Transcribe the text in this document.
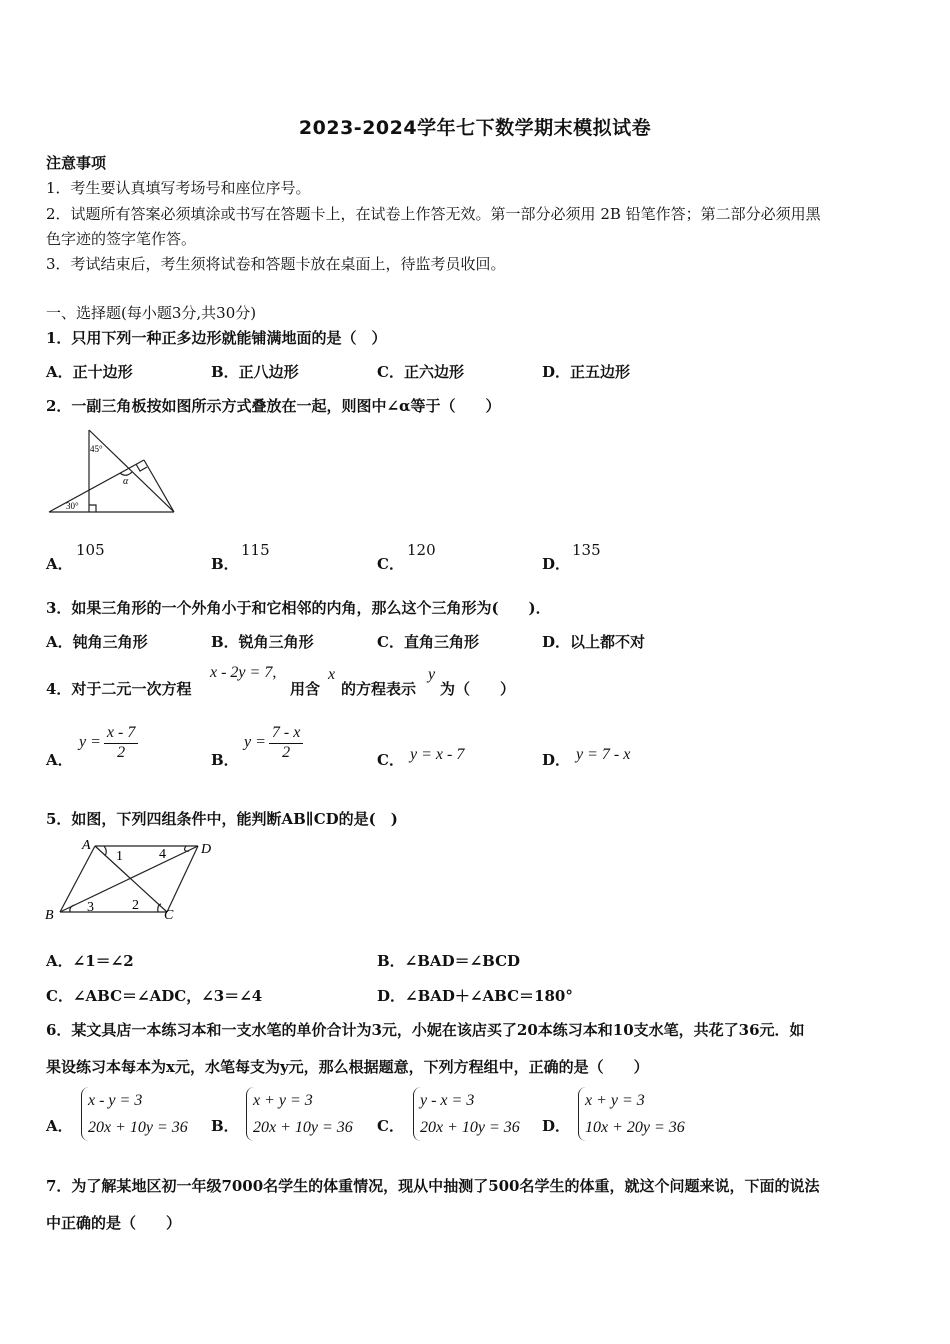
2023-2024学年七下数学期末模拟试卷
注意事项
1．考生要认真填写考场号和座位序号。
2．试题所有答案必须填涂或书写在答题卡上，在试卷上作答无效。第一部分必须用 2B 铅笔作答；第二部分必须用黑
色字迹的签字笔作答。
3．考试结束后，考生须将试卷和答题卡放在桌面上，待监考员收回。
一、选择题(每小题3分,共30分)
1．只用下列一种正多边形就能铺满地面的是（　）
A．正十边形	B．正八边形	C．正六边形	D．正五边形
2．一副三角板按如图所示方式叠放在一起，则图中∠α等于（　　）
45°
30°
α
A．
105
B．
115
C．
120
D．
135
3．如果三角形的一个外角小于和它相邻的内角，那么这个三角形为(　　)．
A．钝角三角形	B．锐角三角形	C．直角三角形	D．以上都不对
4．对于二元一次方程
x - 2y = 7,
用含
x
的方程表示
y
为（　　）
A．
$y = \frac{x - 7}{2}$	B．
$y = \frac{7 - x}{2}$	C． y = x - 7	D． y = 7 - x
5．如图，下列四组条件中，能判断AB∥CD的是(　)
A	D
B	C
1	4
3	2
A．∠1＝∠2	B．∠BAD＝∠BCD
C．∠ABC＝∠ADC，∠3＝∠4	D．∠BAD＋∠ABC＝180°
6．某文具店一本练习本和一支水笔的单价合计为3元，小妮在该店买了20本练习本和10支水笔，共花了36元．如
果设练习本每本为x元，水笔每支为y元，那么根据题意，下列方程组中，正确的是（　　）
A．
x - y = 3
20x + 10y = 36 B．
x + y = 3
20x + 10y = 36 C．
y - x = 3
20x + 10y = 36 D．
x + y = 3
10x + 20y = 36
7．为了解某地区初一年级7000名学生的体重情况，现从中抽测了500名学生的体重，就这个问题来说，下面的说法
中正确的是（　　）
